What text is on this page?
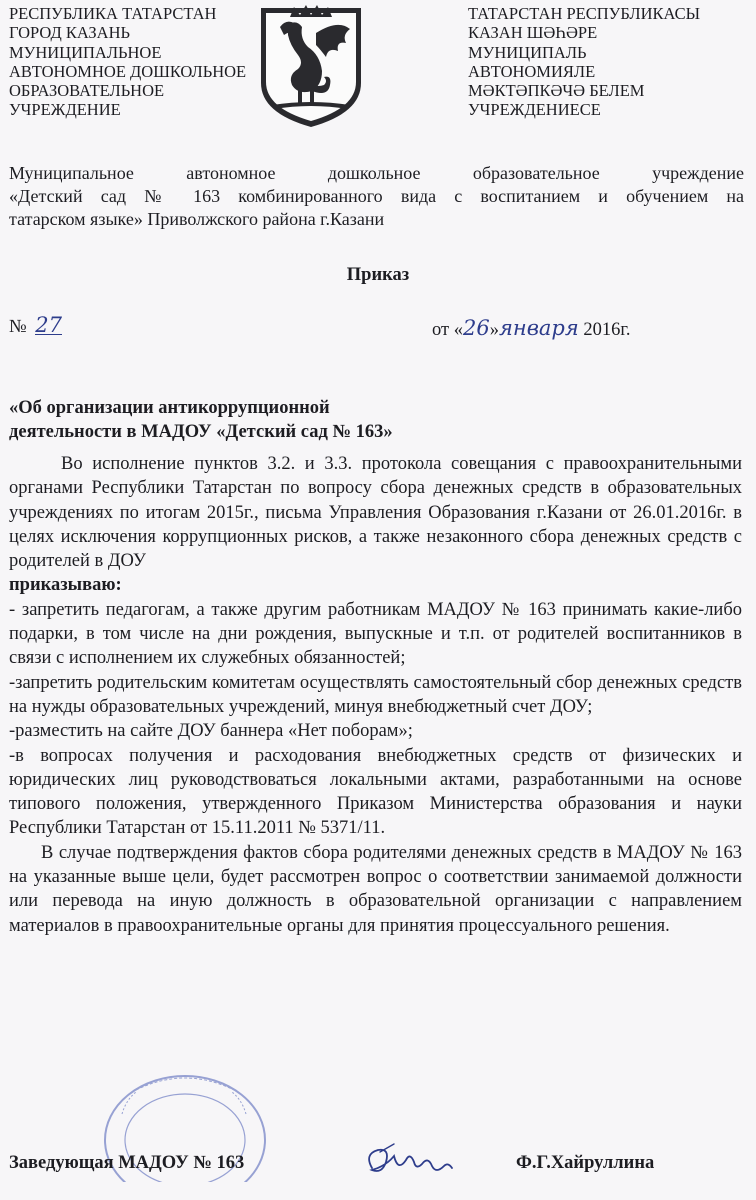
РЕСПУБЛИКА ТАТАРСТАН
ГОРОД КАЗАНЬ
МУНИЦИПАЛЬНОЕ
АВТОНОМНОЕ ДОШКОЛЬНОЕ
ОБРАЗОВАТЕЛЬНОЕ
УЧРЕЖДЕНИЕ
ТАТАРСТАН РЕСПУБЛИКАСЫ
КАЗАН ШӘҺӘРЕ
МУНИЦИПАЛЬ
АВТОНОМИЯЛЕ
МӘКТӘПКӘЧӘ БЕЛЕМ
УЧРЕЖДЕНИЕСЕ
Муниципальное автономное дошкольное образовательное учреждение
«Детский сад № 163 комбинированного вида с воспитанием и обучением на
татарском языке» Приволжского района г.Казани
Приказ
№ 27	от «26»января 2016г.
«Об организации антикоррупционной
деятельности в МАДОУ «Детский сад № 163»

Во исполнение пунктов 3.2. и 3.3. протокола совещания с правоохранительными органами Республики Татарстан по вопросу сбора денежных средств в образовательных учреждениях по итогам 2015г., письма Управления Образования г.Казани от 26.01.2016г. в целях исключения коррупционных рисков, а также незаконного сбора денежных средств с родителей в ДОУ

приказываю:

- запретить педагогам, а также другим работникам МАДОУ № 163 принимать какие-либо подарки, в том числе на дни рождения, выпускные и т.п. от родителей воспитанников в связи с исполнением их служебных обязанностей;

-запретить родительским комитетам осуществлять самостоятельный сбор денежных средств на нужды образовательных учреждений, минуя внебюджетный счет ДОУ;

-разместить на сайте ДОУ баннера «Нет поборам»;

-в вопросах получения и расходования внебюджетных средств от физических и юридических лиц руководствоваться локальными актами, разработанными на основе типового положения, утвержденного Приказом Министерства образования и науки Республики Татарстан от 15.11.2011 № 5371/11.

В случае подтверждения фактов сбора родителями денежных средств в МАДОУ № 163 на указанные выше цели, будет рассмотрен вопрос о соответствии занимаемой должности или перевода на иную должность в образовательной организации с направлением материалов в правоохранительные органы для принятия процессуального решения.

Заведующая МАДОУ № 163	Ф.Г.Хайруллина
